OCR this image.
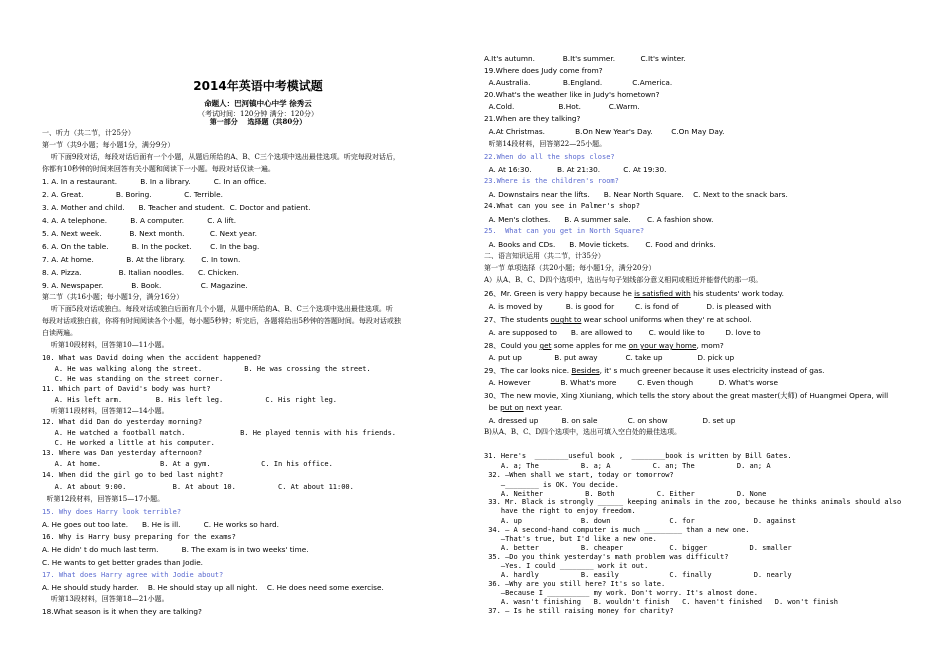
2014年英语中考模试题
命题人：巴河镇中心中学 徐秀云
（考试时间：120分钟 满分：120分）
第一部分    选择题（共80分）
一、听力（共二节，计25分）
第一节（共9小题；每小题1分，满分9分）
听下面9段对话，每段对话后面有一个小题，从题后所给的A、B、C三个选项中选出最佳选项。听完每段对话后，
你都有10秒钟的时间来回答有关小题和阅读下一小题。每段对话仅读一遍。
1. A. In a restaurant.          B. In a library.          C. In an office.
2. A. Great.              B. Boring.              C. Terrible.
3. A. Mother and child.      B. Teacher and student.  C. Doctor and patient.
4. A. A telephone.          B. A computer.          C. A lift.
5. A. Next week.            B. Next month.           C. Next year.
6. A. On the table.          B. In the pocket.        C. In the bag.
7. A. At home.              B. At the library.       C. In town.
8. A. Pizza.                B. Italian noodles.      C. Chicken.
9. A. Newspaper.            B. Book.                 C. Magazine.
第二节（共16小题；每小题1分，满分16分）
听下面5段对话或独白。每段对话或独白后面有几个小题，从题中所给的A、B、C三个选项中选出最佳选项。听
每段对话或独白前，你将有时间阅读各个小题，每小题5秒钟；听完后，各题将给出5秒钟的答题时间。每段对话或独
白读两遍。
听第10段材料，回答第10—11小题。
10. What was David doing when the accident happened?
A. He was walking along the street.          B. He was crossing the street.
C. He was standing on the street corner.
11. Which part of David's body was hurt?
A. His left arm.        B. His left leg.          C. His right leg.
听第11段材料，回答第12—14小题。
12. What did Dan do yesterday morning?
A. He watched a football match.             B. He played tennis with his friends.
C. He worked a little at his computer.
13. Where was Dan yesterday afternoon?
A. At home.              B. At a gym.            C. In his office.
14. When did the girl go to bed last night?
A. At about 9:00.           B. At about 10.          C. At about 11:00.
听第12段材料，回答第15—17小题。
15. Why does Harry look terrible?
A. He goes out too late.      B. He is ill.          C. He works so hard.
16. Why is Harry busy preparing for the exams?
A. He didn' t do much last term.          B. The exam is in two weeks' time.
C. He wants to get better grades than Jodie.
17. What does Harry agree with Jodie about?
A. He should study harder.    B. He should stay up all night.    C. He does need some exercise.
听第13段材料，回答第18—21小题。
18.What season is it when they are talking?
A.It's autumn.            B.It's summer.           C.It's winter.
19.Where does Judy come from?
A.Australia.              B.England.             C.America.
20.What's the weather like in Judy's hometown?
A.Cold.                   B.Hot.            C.Warm.
21.When are they talking?
A.At Christmas.             B.On New Year's Day.        C.On May Day.
听第14段材料，回答第22—25小题。
22.When do all the shops close?
A. At 16:30.           B. At 21:30.          C. At 19:30.
23.Where is the children's room?
A. Downstairs near the lifts.      B. Near North Square.    C. Next to the snack bars.
24.What can you see in Palmer's shop?
A. Men's clothes.      B. A summer sale.       C. A fashion show.
25.  What can you get in North Square?
A. Books and CDs.      B. Movie tickets.       C. Food and drinks.
二、语言知识运用（共二节，计35分）
第一节 单项选择（共20小题；每小题1分，满分20分）
A）从A、B、C、D四个选项中，选出与句子划线部分意义相同或相近并能替代的那一项。
26、Mr. Green is very happy because he is satisfied with his students' work today.
A. is moved by          B. is good for         C. is fond of            D. is pleased with
27、The students ought to wear school uniforms when they' re at school.
A. are supposed to      B. are allowed to       C. would like to         D. love to
28、Could you get some apples for me on your way home, mom?
A. put up              B. put away            C. take up               D. pick up
29、The car looks nice. Besides, it' s much greener because it uses electricity instead of gas.
A. However             B. What's more         C. Even though           D. What's worse
30、The new movie, Xing Xiuniang, which tells the story about the great master(大师) of Huangmei Opera, will
be put on next year.
A. dressed up          B. on sale             C. on show               D. set up
B)从A、B、C、D四个选项中，选出可填入空白处的最佳选项。
31. Here's  ________useful book ,  ________book is written by Bill Gates.
A. a; The          B. a; A          C. an; The          D. an; A
32. —When shall we start, today or tomorrow?
—________ is OK. You decide.
A. Neither          B. Both          C. Either          D. None
33. Mr. Black is strongly ______ keeping animals in the zoo, because he thinks animals should also
have the right to enjoy freedom.
A. up              B. down              C. for              D. against
34. — A second-hand computer is much _________ than a new one.
—That's true, but I'd like a new one.
A. better          B. cheaper           C. bigger          D. smaller
35. —Do you think yesterday's math problem was difficult?
—Yes. I could ________ work it out.
A. hardly          B. easily            C. finally          D. nearly
36. —Why are you still here? It's so late.
—Because I __________ my work. Don't worry. It's almost done.
A. wasn't finishing   B. wouldn't finish   C. haven't finished   D. won't finish
37. — Is he still raising money for charity?
